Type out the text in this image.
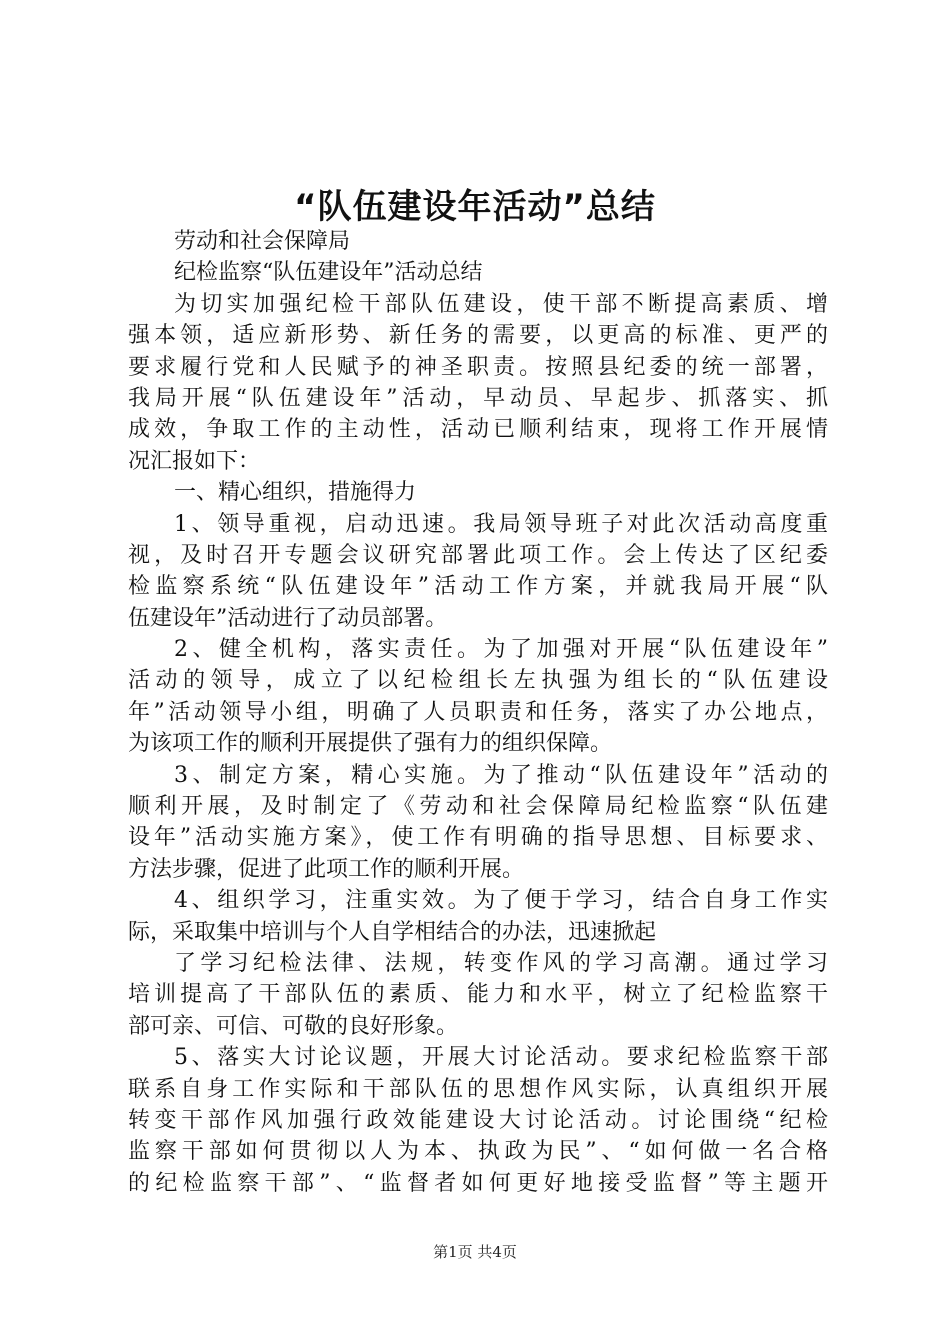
“队伍建设年活动”总结
劳动和社会保障局
纪检监察“队伍建设年”活动总结
为切实加强纪检干部队伍建设，使干部不断提高素质、增
强本领，适应新形势、新任务的需要，以更高的标准、更严的
要求履行党和人民赋予的神圣职责。按照县纪委的统一部署，
我局开展“队伍建设年”活动，早动员、早起步、抓落实、抓
成效，争取工作的主动性，活动已顺利结束，现将工作开展情
况汇报如下：
一、精心组织，措施得力
1、领导重视，启动迅速。我局领导班子对此次活动高度重
视，及时召开专题会议研究部署此项工作。会上传达了区纪委
检监察系统“队伍建设年”活动工作方案，并就我局开展“队
伍建设年”活动进行了动员部署。
2、健全机构，落实责任。为了加强对开展“队伍建设年”
活动的领导，成立了以纪检组长左执强为组长的“队伍建设
年”活动领导小组，明确了人员职责和任务，落实了办公地点，
为该项工作的顺利开展提供了强有力的组织保障。
3、制定方案，精心实施。为了推动“队伍建设年”活动的
顺利开展，及时制定了《劳动和社会保障局纪检监察“队伍建
设年”活动实施方案》，使工作有明确的指导思想、目标要求、
方法步骤，促进了此项工作的顺利开展。
4、组织学习，注重实效。为了便于学习，结合自身工作实
际，采取集中培训与个人自学相结合的办法，迅速掀起
了学习纪检法律、法规，转变作风的学习高潮。通过学习
培训提高了干部队伍的素质、能力和水平，树立了纪检监察干
部可亲、可信、可敬的良好形象。
5、落实大讨论议题，开展大讨论活动。要求纪检监察干部
联系自身工作实际和干部队伍的思想作风实际，认真组织开展
转变干部作风加强行政效能建设大讨论活动。讨论围绕“纪检
监察干部如何贯彻以人为本、执政为民”、“如何做一名合格
的纪检监察干部”、“监督者如何更好地接受监督”等主题开
第1页 共4页
